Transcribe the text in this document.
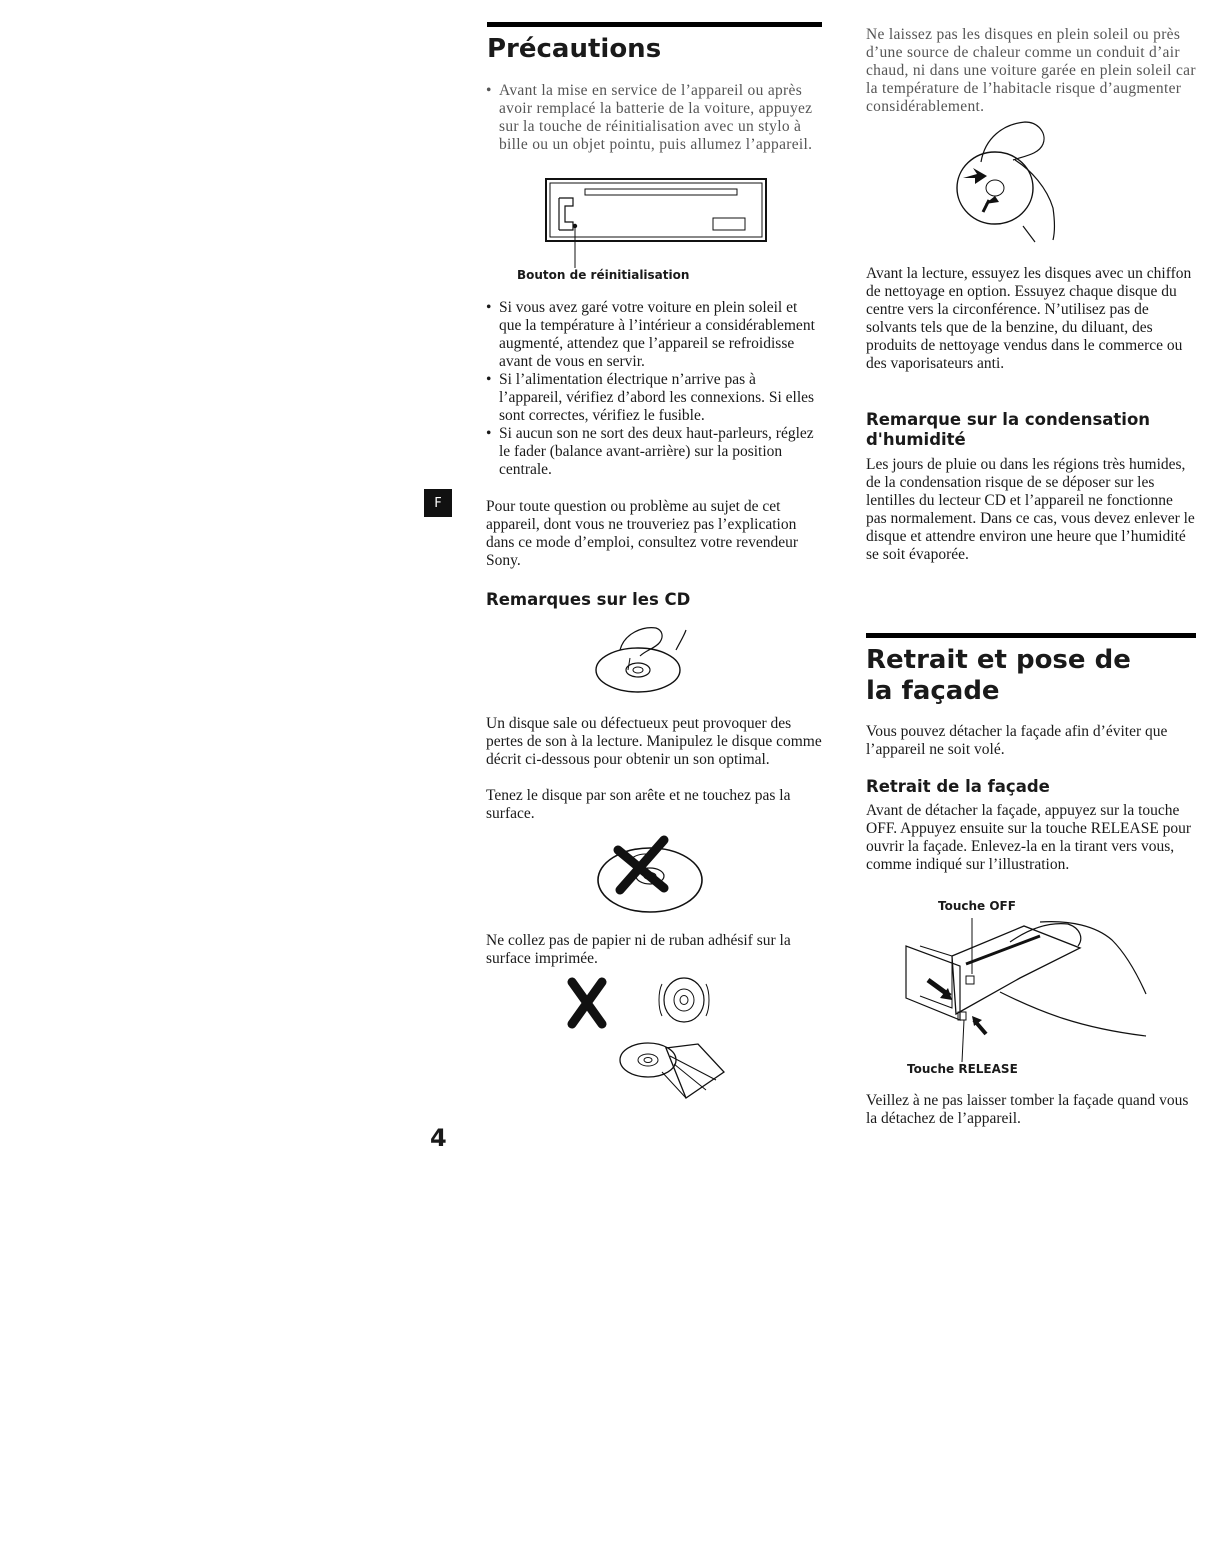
Précautions
• Avant la mise en service de l’appareil ou après avoir remplacé la batterie de la voiture, appuyez sur la touche de réinitialisation avec un stylo à bille ou un objet pointu, puis allumez l’appareil.

Bouton de réinitialisation

• Si vous avez garé votre voiture en plein soleil et que la température à l’intérieur a considérablement augmenté, attendez que l’appareil se refroidisse avant de vous en servir.
• Si l’alimentation électrique n’arrive pas à l’appareil, vérifiez d’abord les connexions. Si elles sont correctes, vérifiez le fusible.
• Si aucun son ne sort des deux haut-parleurs, réglez le fader (balance avant-arrière) sur la position centrale.

Pour toute question ou problème au sujet de cet appareil, dont vous ne trouveriez pas l’explication dans ce mode d’emploi, consultez votre revendeur Sony.

Remarques sur les CD

Un disque sale ou défectueux peut provoquer des pertes de son à la lecture. Manipulez le disque comme décrit ci-dessous pour obtenir un son optimal.

Tenez le disque par son arête et ne touchez pas la surface.

Ne collez pas de papier ni de ruban adhésif sur la surface imprimée.

F
4

Ne laissez pas les disques en plein soleil ou près d’une source de chaleur comme un conduit d’air chaud, ni dans une voiture garée en plein soleil car la température de l’habitacle risque d’augmenter considérablement.

Avant la lecture, essuyez les disques avec un chiffon de nettoyage en option. Essuyez chaque disque du centre vers la circonférence. N’utilisez pas de solvants tels que de la benzine, du diluant, des produits de nettoyage vendus dans le commerce ou des vaporisateurs anti.

Remarque sur la condensation d'humidité

Les jours de pluie ou dans les régions très humides, de la condensation risque de se déposer sur les lentilles du lecteur CD et l’appareil ne fonctionne pas normalement. Dans ce cas, vous devez enlever le disque et attendre environ une heure que l’humidité se soit évaporée.

Retrait et pose de la façade

Vous pouvez détacher la façade afin d’éviter que l’appareil ne soit volé.

Retrait de la façade

Avant de détacher la façade, appuyez sur la touche OFF. Appuyez ensuite sur la touche RELEASE pour ouvrir la façade. Enlevez-la en la tirant vers vous, comme indiqué sur l’illustration.

Touche OFF

Touche RELEASE

Veillez à ne pas laisser tomber la façade quand vous la détachez de l’appareil.
